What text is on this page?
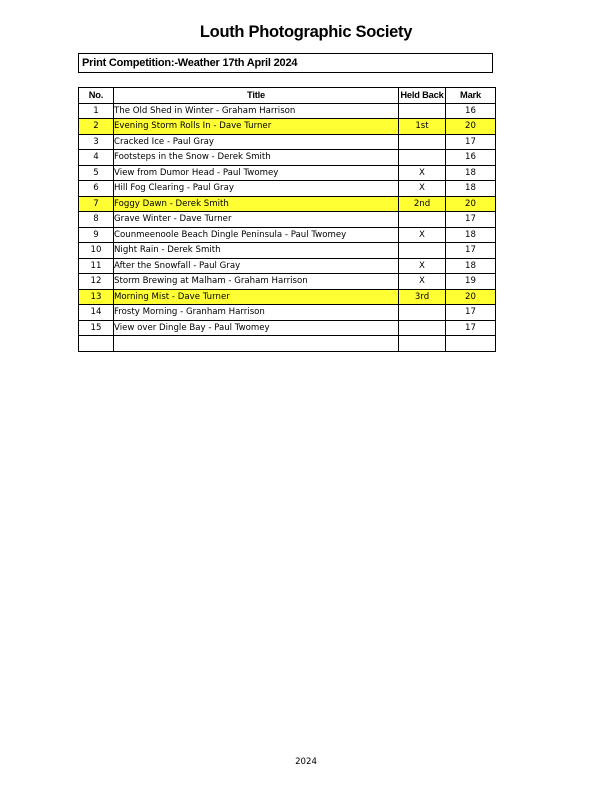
Louth Photographic Society
Print Competition:-Weather 17th April 2024
No.	Title	Held Back	Mark
1	The Old Shed in Winter - Graham Harrison		16
2	Evening Storm Rolls In - Dave Turner	1st	20
3	Cracked Ice - Paul Gray		17
4	Footsteps in the Snow - Derek Smith		16
5	View from Dumor Head - Paul Twomey	X	18
6	Hill Fog Clearing - Paul Gray	X	18
7	Foggy Dawn - Derek Smith	2nd	20
8	Grave Winter - Dave Turner		17
9	Counmeenoole Beach Dingle Peninsula - Paul Twomey	X	18
10	Night Rain - Derek Smith		17
11	After the Snowfall - Paul Gray	X	18
12	Storm Brewing at Malham - Graham Harrison	X	19
13	Morning Mist - Dave Turner	3rd	20
14	Frosty Morning - Granham Harrison		17
15	View over Dingle Bay - Paul Twomey		17

2024
